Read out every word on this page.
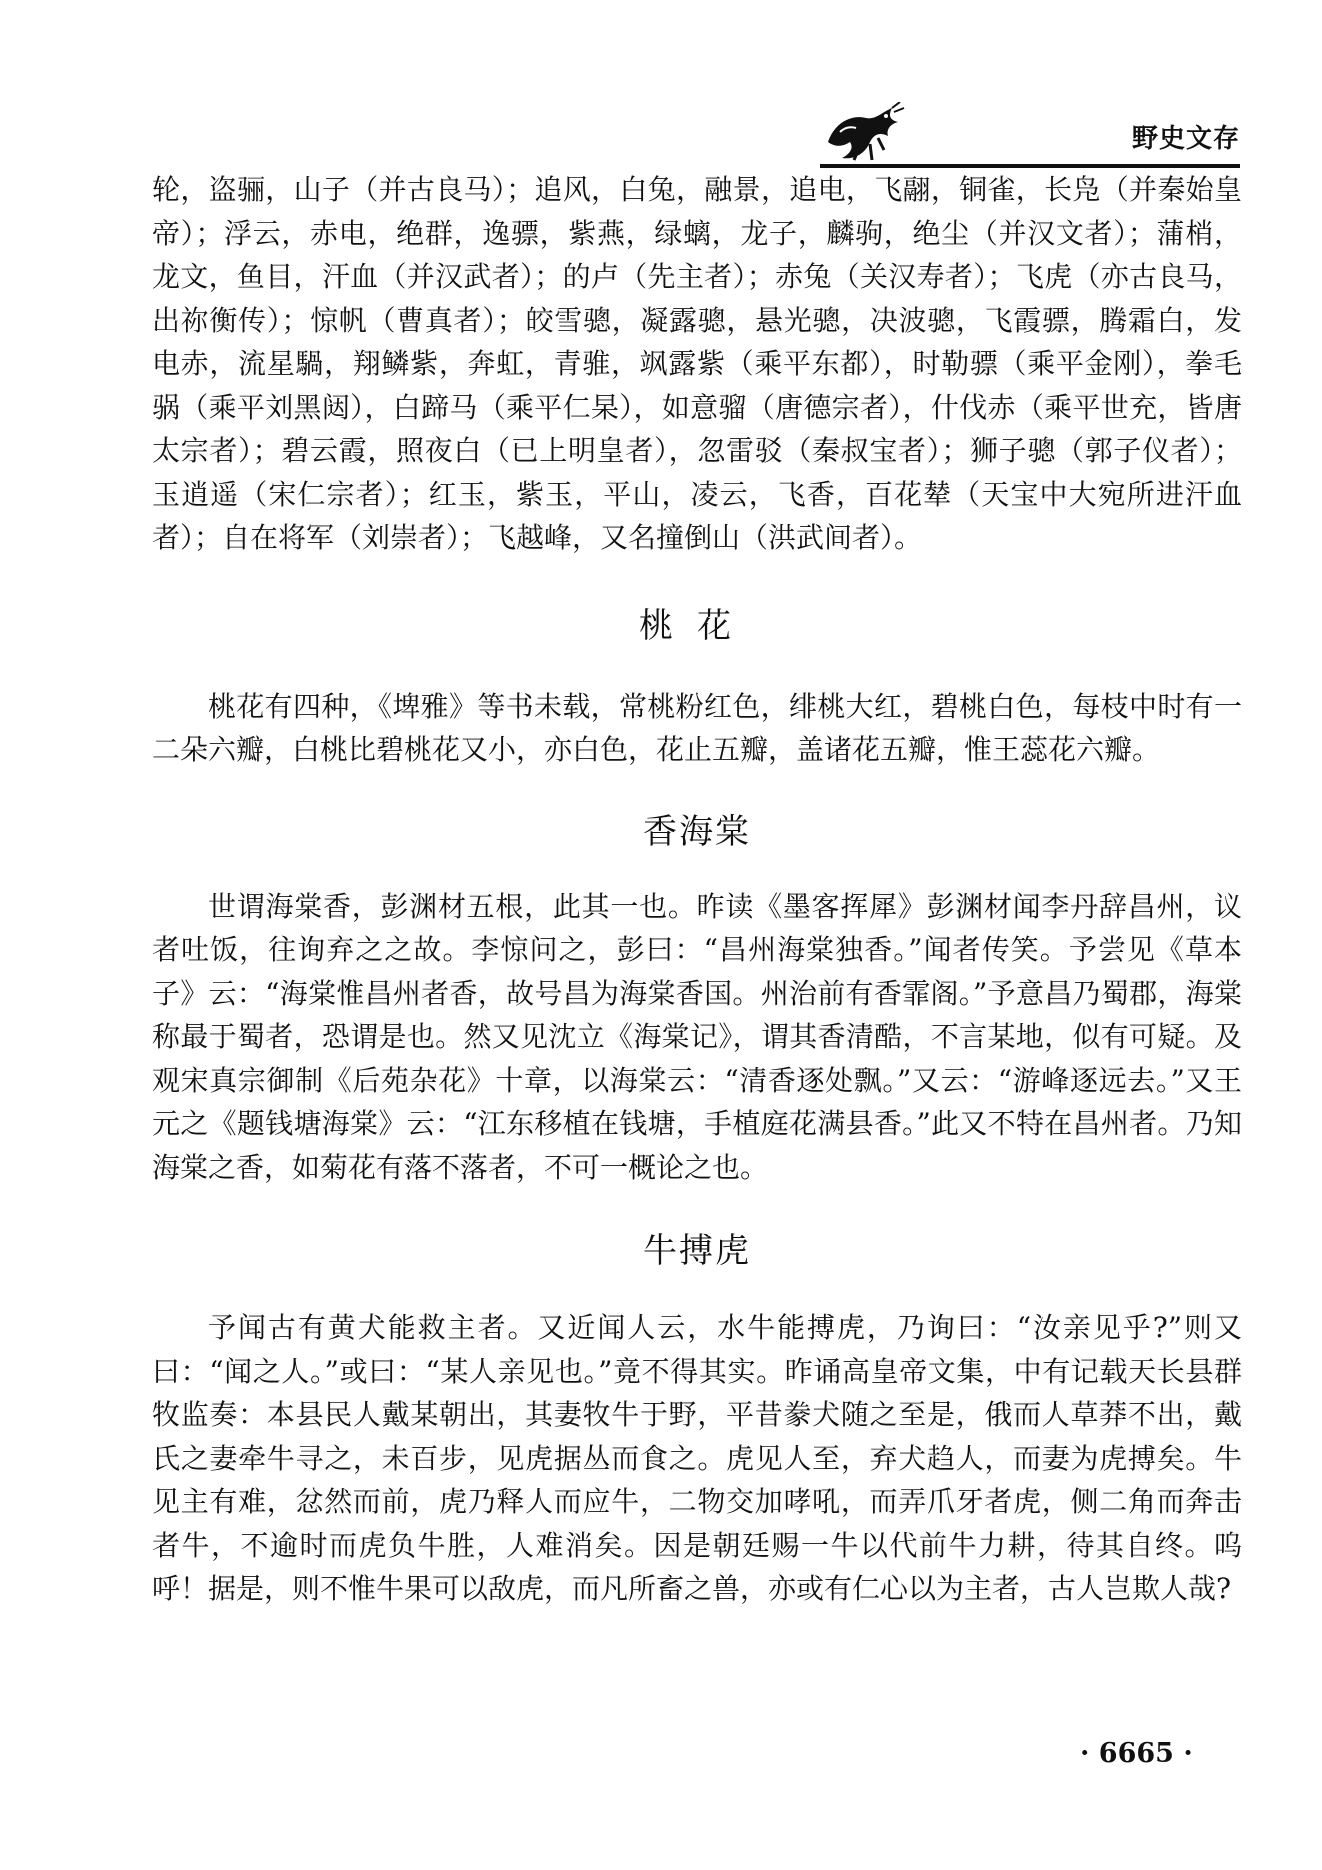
野史文存

轮，盗骊，山子（并古良马）；追风，白兔，融景，追电，飞翮，铜雀，长凫（并秦始皇帝）；浮云，赤电，绝群，逸骠，紫燕，绿螭，龙子，麟驹，绝尘（并汉文者）；蒲梢，龙文，鱼目，汗血（并汉武者）；的卢（先主者）；赤兔（关汉寿者）；飞虎（亦古良马，出祢衡传）；惊帆（曹真者）；皎雪骢，凝露骢，悬光骢，决波骢，飞霞骠，腾霜白，发电赤，流星騧，翔鳞紫，奔虹，青骓，飒露紫（乘平东都），时勒骠（乘平金刚），拳毛䯄（乘平刘黑闼），白蹄马（乘平仁杲），如意骝（唐德宗者），什伐赤（乘平世充，皆唐太宗者）；碧云霞，照夜白（已上明皇者），忽雷驳（秦叔宝者）；狮子骢（郭子仪者）；玉逍遥（宋仁宗者）；红玉，紫玉，平山，凌云，飞香，百花辇（天宝中大宛所进汗血者）；自在将军（刘崇者）；飞越峰，又名撞倒山（洪武间者）。

桃花

桃花有四种，《埤雅》等书未载，常桃粉红色，绯桃大红，碧桃白色，每枝中时有一二朵六瓣，白桃比碧桃花又小，亦白色，花止五瓣，盖诸花五瓣，惟王蕊花六瓣。

香海棠

世谓海棠香，彭渊材五根，此其一也。昨读《墨客挥犀》彭渊材闻李丹辞昌州，议者吐饭，往询弃之之故。李惊问之，彭曰：“昌州海棠独香。”闻者传笑。予尝见《草本子》云：“海棠惟昌州者香，故号昌为海棠香国。州治前有香霏阁。”予意昌乃蜀郡，海棠称最于蜀者，恐谓是也。然又见沈立《海棠记》，谓其香清酷，不言某地，似有可疑。及观宋真宗御制《后苑杂花》十章，以海棠云：“清香逐处飘。”又云：“游峰逐远去。”又王元之《题钱塘海棠》云：“江东移植在钱塘，手植庭花满县香。”此又不特在昌州者。乃知海棠之香，如菊花有落不落者，不可一概论之也。

牛搏虎

予闻古有黄犬能救主者。又近闻人云，水牛能搏虎，乃询曰：“汝亲见乎?”则又曰：“闻之人。”或曰：“某人亲见也。”竟不得其实。昨诵高皇帝文集，中有记载天长县群牧监奏：本县民人戴某朝出，其妻牧牛于野，平昔豢犬随之至是，俄而人草莽不出，戴氏之妻牵牛寻之，未百步，见虎据丛而食之。虎见人至，弃犬趋人，而妻为虎搏矣。牛见主有难，忿然而前，虎乃释人而应牛，二物交加哮吼，而弄爪牙者虎，侧二角而奔击者牛，不逾时而虎负牛胜，人难消矣。因是朝廷赐一牛以代前牛力耕，待其自终。呜呼！据是，则不惟牛果可以敌虎，而凡所畜之兽，亦或有仁心以为主者，古人岂欺人哉?

· 6665 ·
